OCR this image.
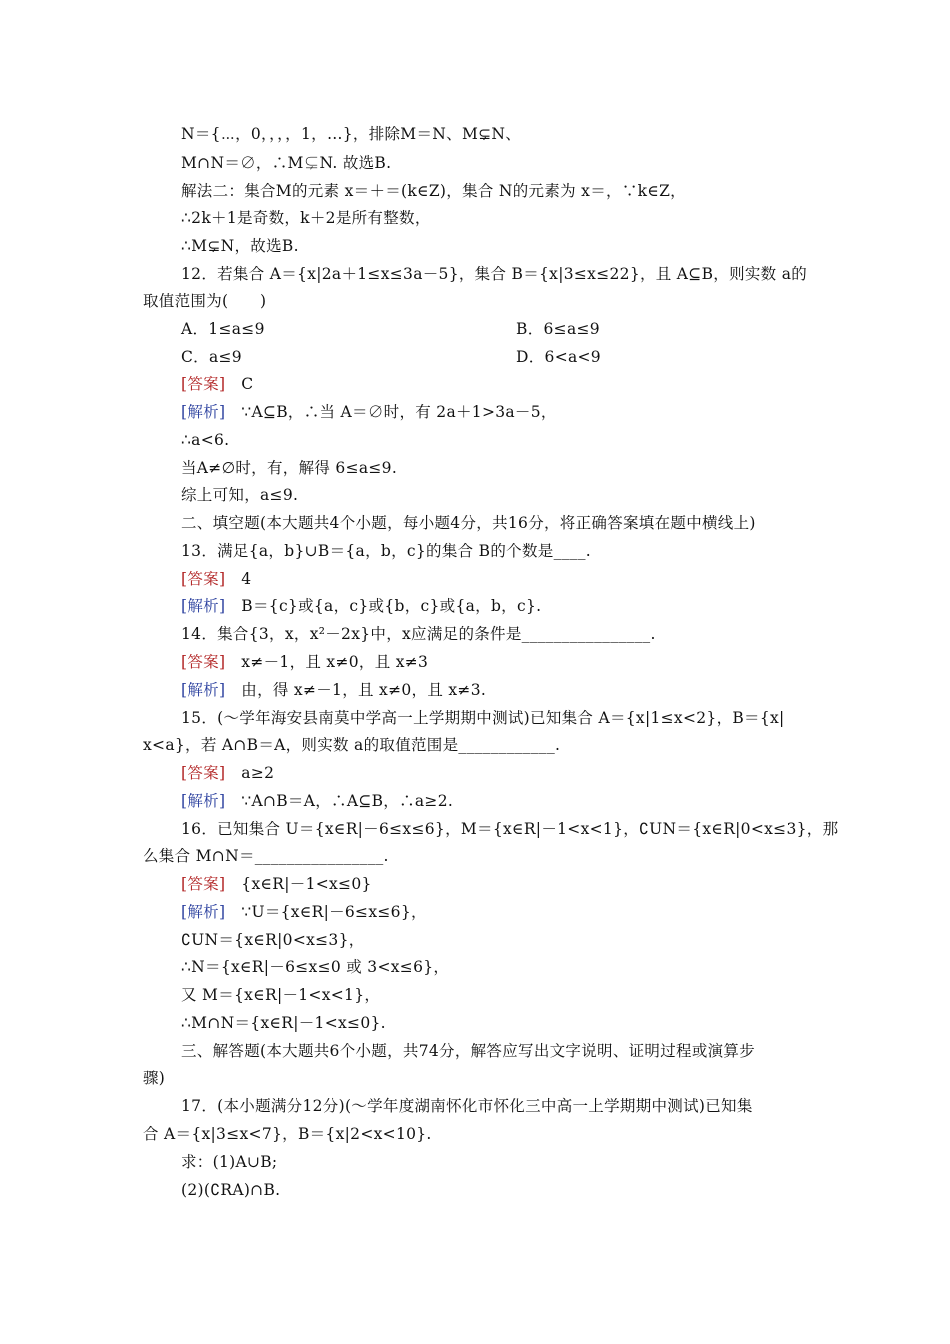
N＝{⋯，0，，，，1，…}，排除M＝N、M⊊N、
M∩N＝∅，∴M⊊N. 故选B.
解法二：集合M的元素 x＝＋＝(k∈Z)，集合 N的元素为 x＝，∵k∈Z，
∴2k＋1是奇数，k＋2是所有整数，
∴M⊊N，故选B.
12．若集合 A＝{x|2a＋1≤x≤3a－5}，集合 B＝{x|3≤x≤22}，且 A⊆B，则实数 a的
取值范围为(　　)
A．1≤a≤9	B．6≤a≤9
C．a≤9	D．6<a<9
[答案] C
[解析] ∵A⊆B，∴当 A＝∅时，有 2a＋1>3a－5，
∴a<6.
当A≠∅时，有，解得 6≤a≤9.
综上可知，a≤9.
二、填空题(本大题共4个小题，每小题4分，共16分，将正确答案填在题中横线上)
13．满足{a，b}∪B＝{a，b，c}的集合 B的个数是____.
[答案] 4
[解析] B＝{c}或{a，c}或{b，c}或{a，b，c}.
14．集合{3，x，x²－2x}中，x应满足的条件是________________.
[答案] x≠－1，且 x≠0，且 x≠3
[解析] 由，得 x≠－1，且 x≠0，且 x≠3.
15．(～学年海安县南莫中学高一上学期期中测试)已知集合 A＝{x|1≤x<2}，B＝{x|
x<a}，若 A∩B＝A，则实数 a的取值范围是____________.
[答案] a≥2
[解析] ∵A∩B＝A，∴A⊆B，∴a≥2.
16．已知集合 U＝{x∈R|－6≤x≤6}，M＝{x∈R|－1<x<1}，∁UN＝{x∈R|0<x≤3}，那
么集合 M∩N＝________________.
[答案] {x∈R|－1<x≤0}
[解析] ∵U＝{x∈R|－6≤x≤6}，
∁UN＝{x∈R|0<x≤3}，
∴N＝{x∈R|－6≤x≤0 或 3<x≤6}，
又 M＝{x∈R|－1<x<1}，
∴M∩N＝{x∈R|－1<x≤0}.
三、解答题(本大题共6个小题，共74分，解答应写出文字说明、证明过程或演算步
骤)
17．(本小题满分12分)(～学年度湖南怀化市怀化三中高一上学期期中测试)已知集
合 A＝{x|3≤x<7}，B＝{x|2<x<10}.
求：(1)A∪B;
(2)(∁RA)∩B.
